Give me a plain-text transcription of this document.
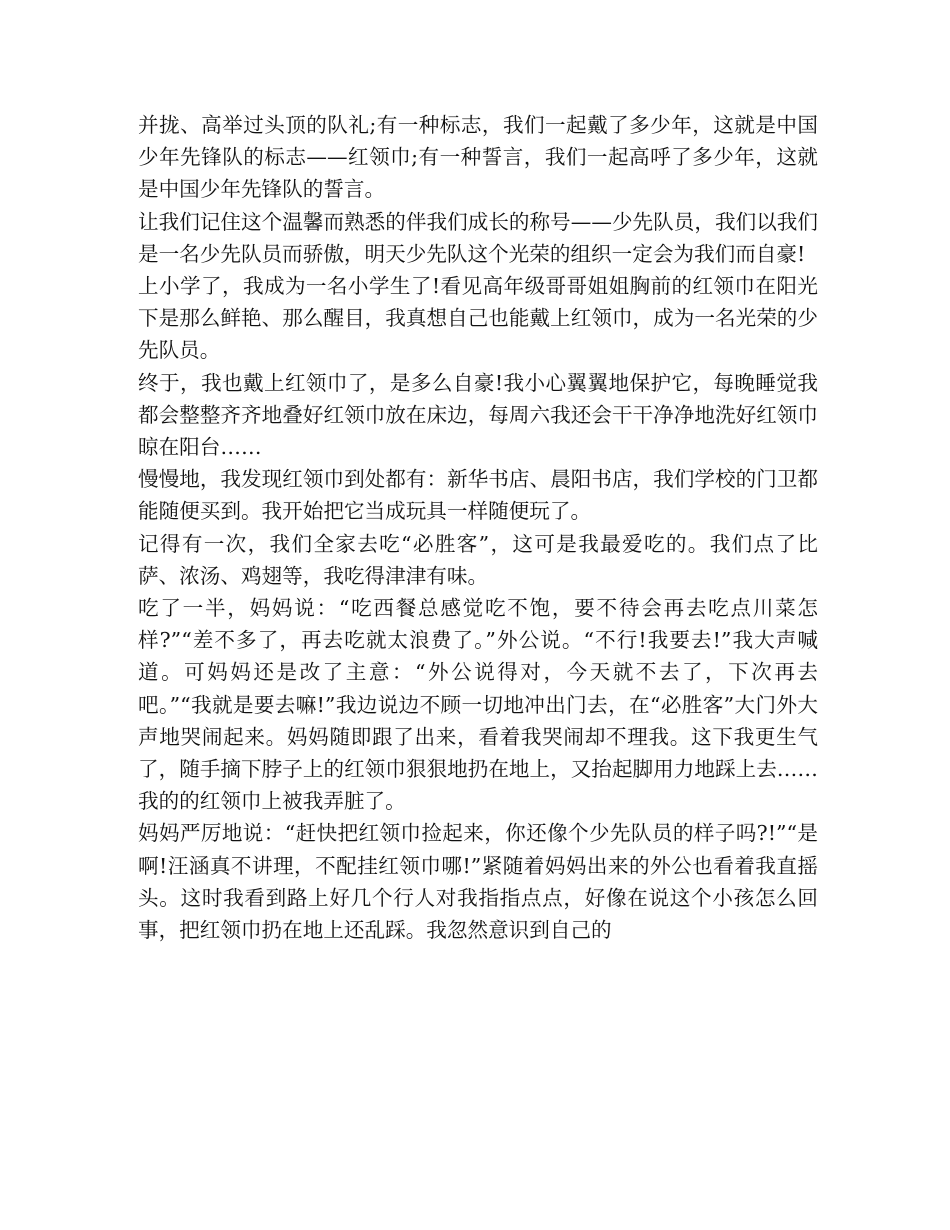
并拢、高举过头顶的队礼;有一种标志，我们一起戴了多少年，这就是中国少年先锋队的标志——红领巾;有一种誓言，我们一起高呼了多少年，这就是中国少年先锋队的誓言。

让我们记住这个温馨而熟悉的伴我们成长的称号——少先队员，我们以我们是一名少先队员而骄傲，明天少先队这个光荣的组织一定会为我们而自豪!

上小学了，我成为一名小学生了!看见高年级哥哥姐姐胸前的红领巾在阳光下是那么鲜艳、那么醒目，我真想自己也能戴上红领巾，成为一名光荣的少先队员。

终于，我也戴上红领巾了，是多么自豪!我小心翼翼地保护它，每晚睡觉我都会整整齐齐地叠好红领巾放在床边，每周六我还会干干净净地洗好红领巾晾在阳台……

慢慢地，我发现红领巾到处都有：新华书店、晨阳书店，我们学校的门卫都能随便买到。我开始把它当成玩具一样随便玩了。

记得有一次，我们全家去吃“必胜客”，这可是我最爱吃的。我们点了比萨、浓汤、鸡翅等，我吃得津津有味。

吃了一半，妈妈说：“吃西餐总感觉吃不饱，要不待会再去吃点川菜怎样?”“差不多了，再去吃就太浪费了。”外公说。“不行!我要去!”我大声喊道。可妈妈还是改了主意：“外公说得对，今天就不去了，下次再去吧。”“我就是要去嘛!”我边说边不顾一切地冲出门去，在“必胜客”大门外大声地哭闹起来。妈妈随即跟了出来，看着我哭闹却不理我。这下我更生气了，随手摘下脖子上的红领巾狠狠地扔在地上，又抬起脚用力地踩上去……我的的红领巾上被我弄脏了。

妈妈严厉地说：“赶快把红领巾捡起来，你还像个少先队员的样子吗?!”“是啊!汪涵真不讲理，不配挂红领巾哪!”紧随着妈妈出来的外公也看着我直摇头。这时我看到路上好几个行人对我指指点点，好像在说这个小孩怎么回事，把红领巾扔在地上还乱踩。我忽然意识到自己的
